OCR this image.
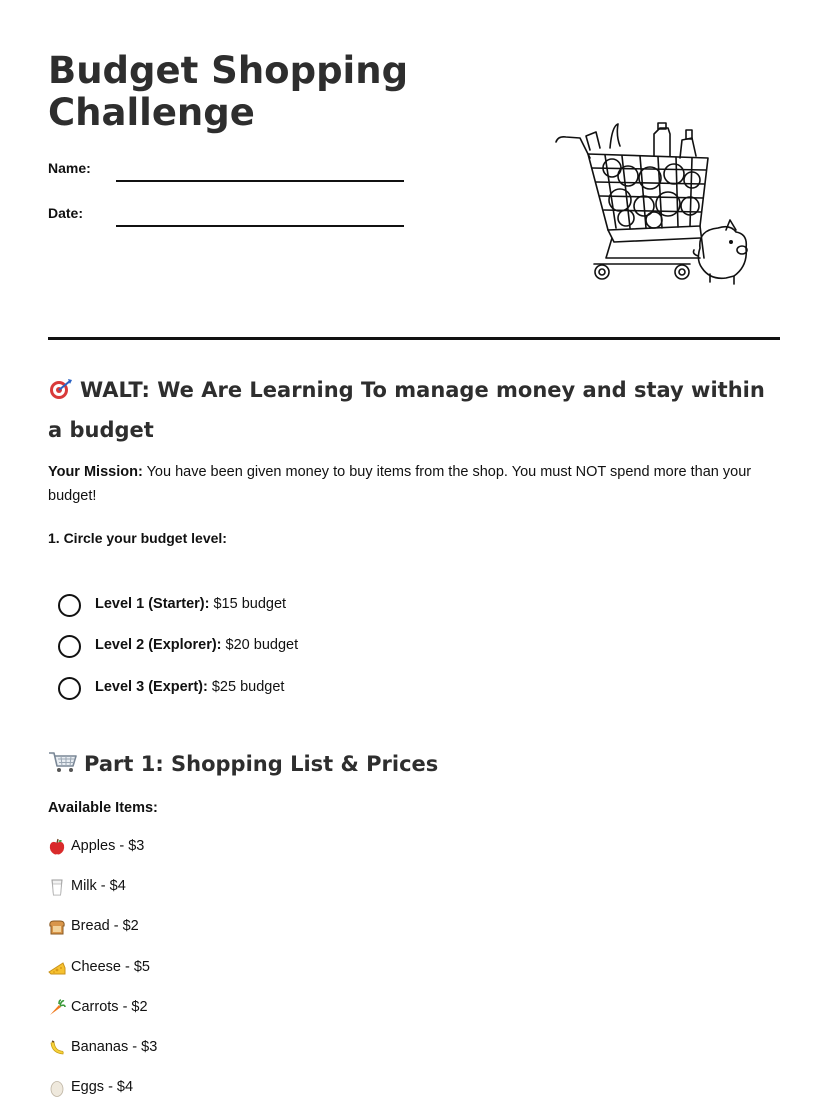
Budget Shopping Challenge
Name:
Date:
WALT: We Are Learning To manage money and stay within a budget

Your Mission: You have been given money to buy items from the shop. You must NOT spend more than your budget!

1. Circle your budget level:
Level 1 (Starter): $15 budget
Level 2 (Explorer): $20 budget
Level 3 (Expert): $25 budget
Part 1: Shopping List & Prices
Available Items:
Apples - $3
Milk - $4
Bread - $2
Cheese - $5
Carrots - $2
Bananas - $3
Eggs - $4
